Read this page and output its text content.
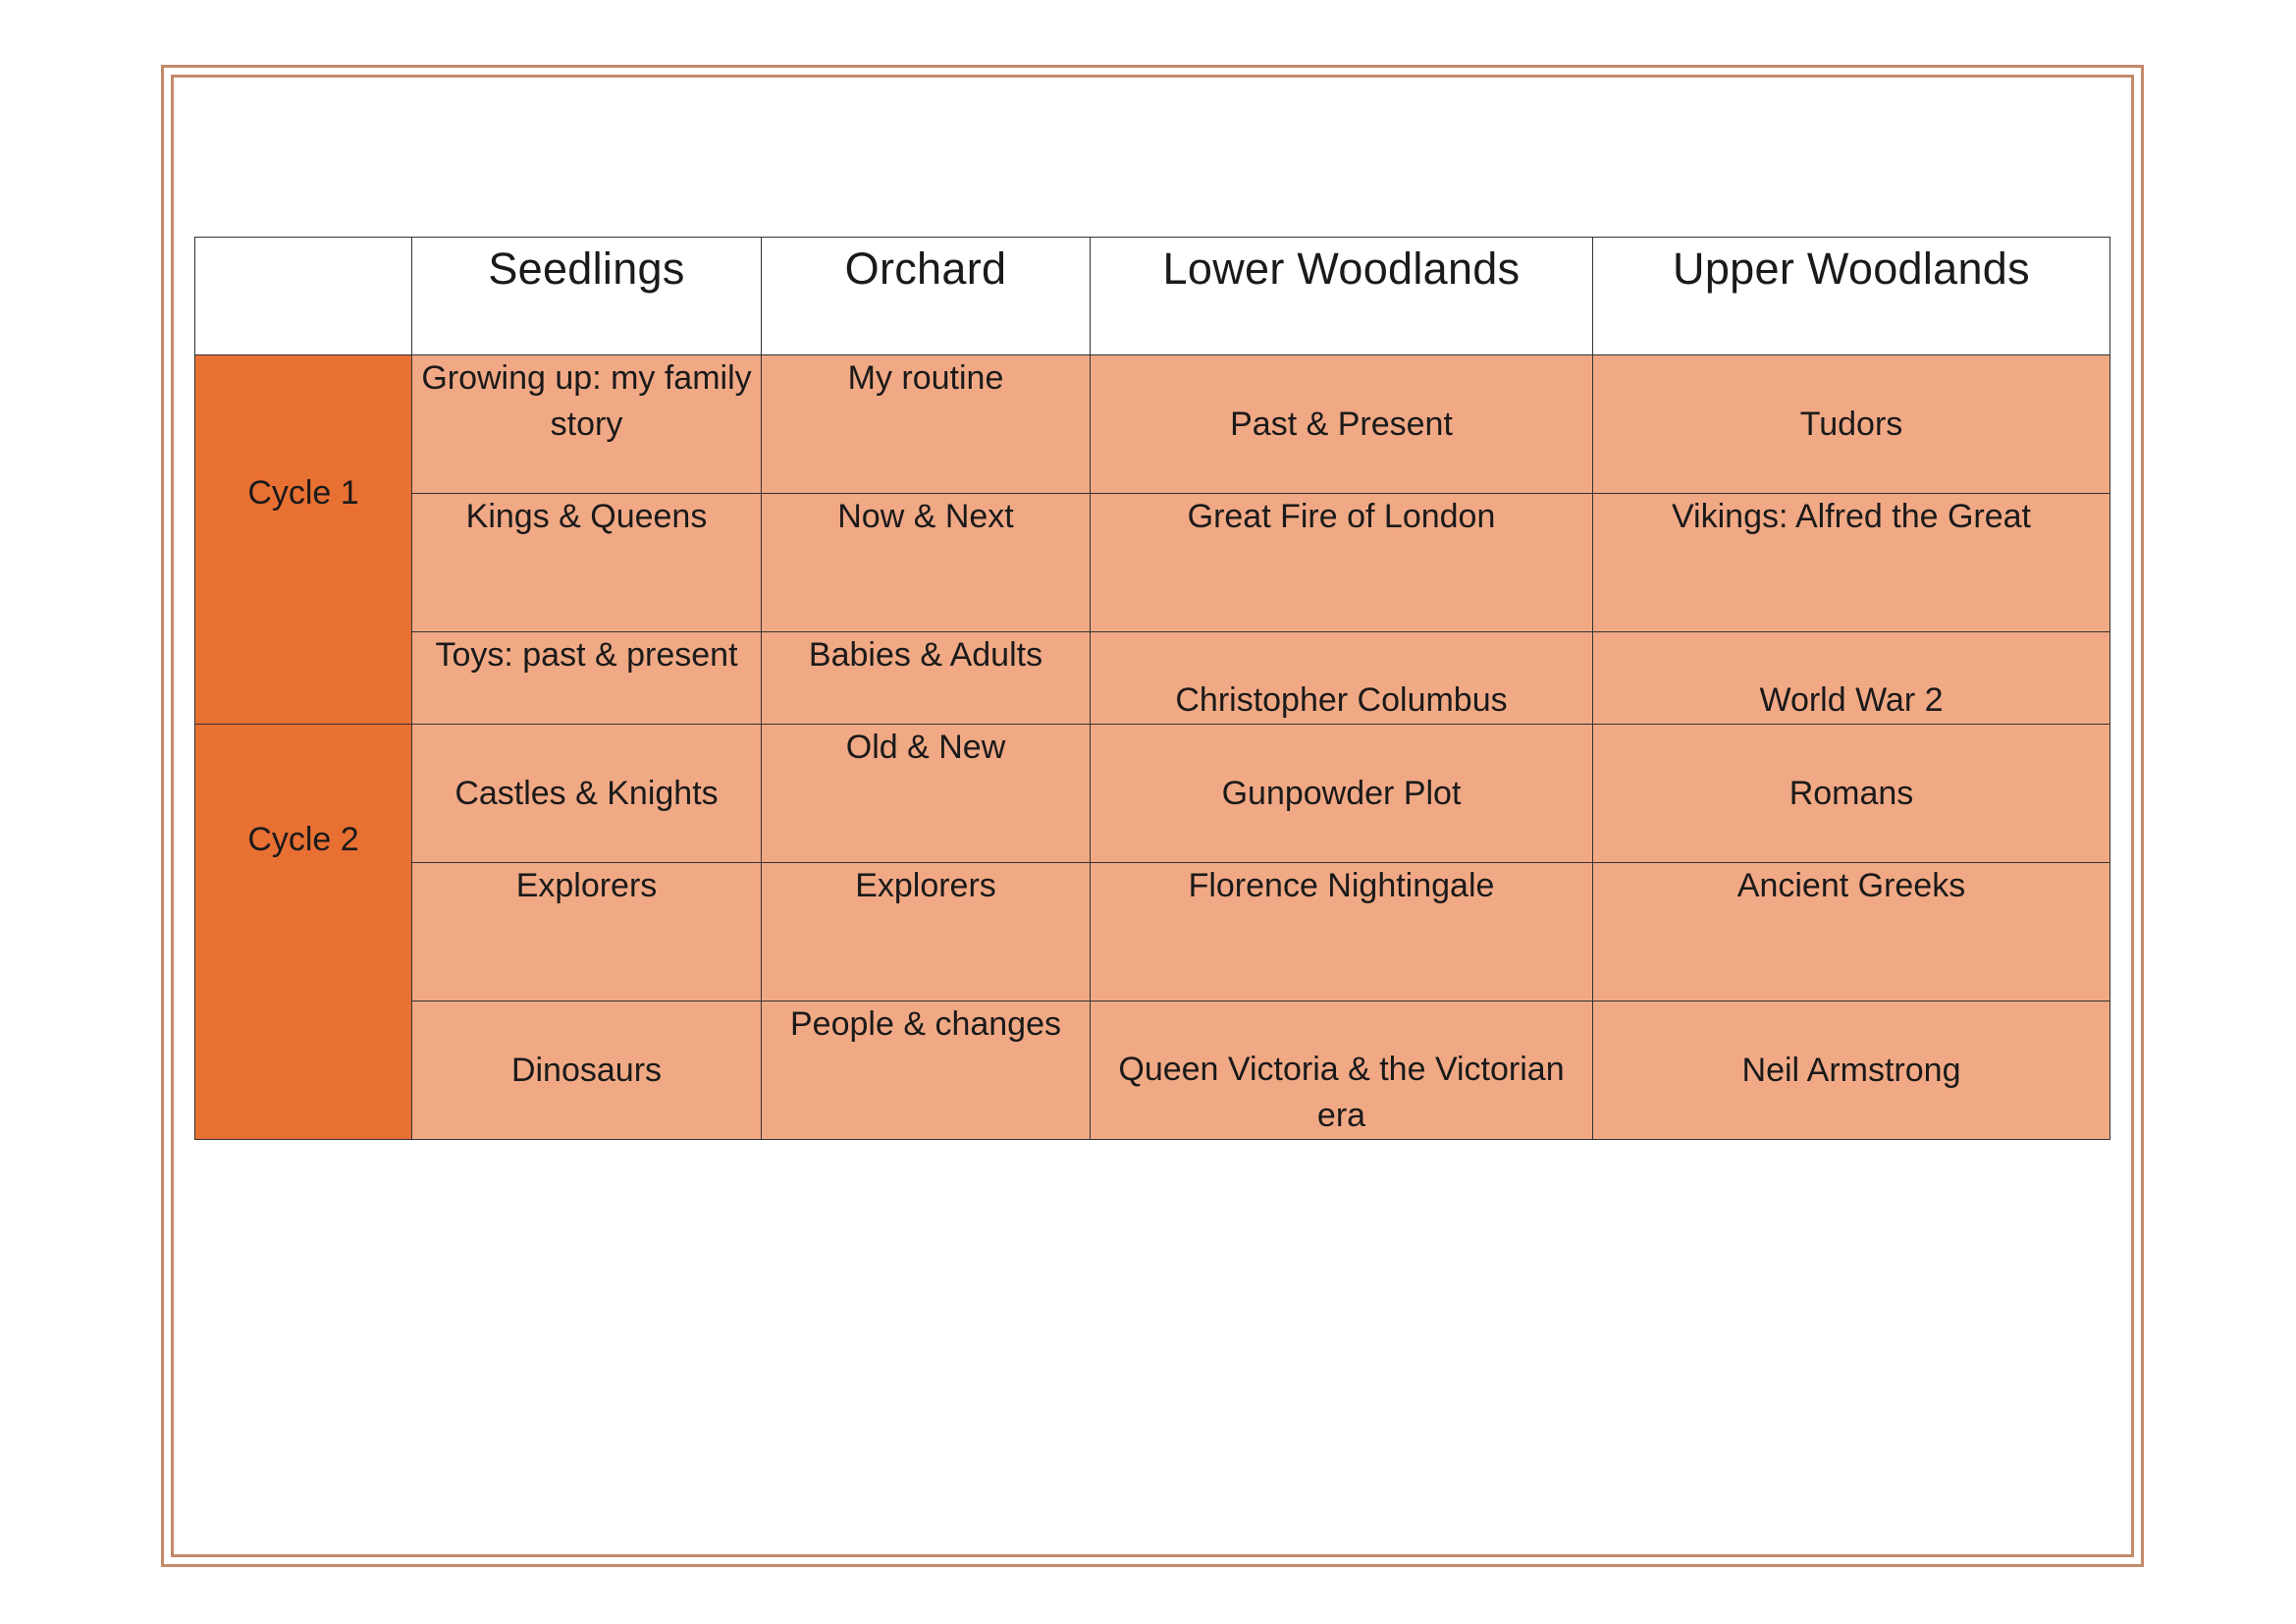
	Seedlings	Orchard	Lower Woodlands	Upper Woodlands

Cycle 1	Growing up: my family story	My routine	Past & Present	Tudors
	Kings & Queens	Now & Next	Great Fire of London	Vikings: Alfred the Great
	Toys: past & present	Babies & Adults	Christopher Columbus	World War 2

Cycle 2	Castles & Knights	Old & New	Gunpowder Plot	Romans
	Explorers	Explorers	Florence Nightingale	Ancient Greeks
	Dinosaurs	People & changes	Queen Victoria & the Victorian era	Neil Armstrong
